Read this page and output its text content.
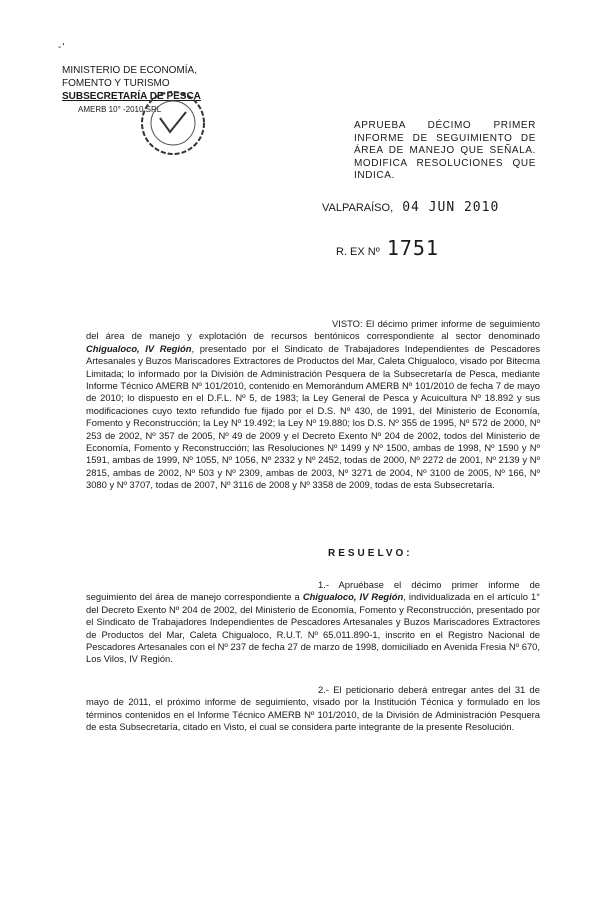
-'
MINISTERIO DE ECONOMÍA,
FOMENTO Y TURISMO
SUBSECRETARÍA DE PESCA
AMERB 10° -2010 SRL
APRUEBA DÉCIMO PRIMER INFORME DE SEGUIMIENTO DE ÁREA DE MANEJO QUE SEÑALA. MODIFICA RESOLUCIONES QUE INDICA.
VALPARAÍSO, 04 JUN 2010
R. EX Nº 1751
VISTO: El décimo primer informe de seguimiento del área de manejo y explotación de recursos bentónicos correspondiente al sector denominado Chigualoco, IV Región, presentado por el Sindicato de Trabajadores Independientes de Pescadores Artesanales y Buzos Mariscadores Extractores de Productos del Mar, Caleta Chigualoco, visado por Bitecma Limitada; lo informado por la División de Administración Pesquera de la Subsecretaría de Pesca, mediante Informe Técnico AMERB Nº 101/2010, contenido en Memorándum AMERB Nº 101/2010 de fecha 7 de mayo de 2010; lo dispuesto en el D.F.L. Nº 5, de 1983; la Ley General de Pesca y Acuicultura Nº 18.892 y sus modificaciones cuyo texto refundido fue fijado por el D.S. Nº 430, de 1991, del Ministerio de Economía, Fomento y Reconstrucción; la Ley Nº 19.492; la Ley Nº 19.880; los D.S. Nº 355 de 1995, Nº 572 de 2000, Nº 253 de 2002, Nº 357 de 2005, Nº 49 de 2009 y el Decreto Exento Nº 204 de 2002, todos del Ministerio de Economía, Fomento y Reconstrucción; las Resoluciones Nº 1499 y Nº 1500, ambas de 1998, Nº 1590 y Nº 1591, ambas de 1999, Nº 1055, Nº 1056, Nº 2332 y Nº 2452, todas de 2000, Nº 2272 de 2001, Nº 2139 y Nº 2815, ambas de 2002, Nº 503 y Nº 2309, ambas de 2003, Nº 3271 de 2004, Nº 3100 de 2005, Nº 166, Nº 3080 y Nº 3707, todas de 2007, Nº 3116 de 2008 y Nº 3358 de 2009, todas de esta Subsecretaría.
RESUELVO:
1.- Apruébase el décimo primer informe de seguimiento del área de manejo correspondiente a Chigualoco, IV Región, individualizada en el artículo 1° del Decreto Exento Nº 204 de 2002, del Ministerio de Economía, Fomento y Reconstrucción, presentado por el Sindicato de Trabajadores Independientes de Pescadores Artesanales y Buzos Mariscadores Extractores de Productos del Mar, Caleta Chigualoco, R.U.T. Nº 65.011.890-1, inscrito en el Registro Nacional de Pescadores Artesanales con el Nº 237 de fecha 27 de marzo de 1998, domiciliado en Avenida Fresia Nº 670, Los Vilos, IV Región.
2.- El peticionario deberá entregar antes del 31 de mayo de 2011, el próximo informe de seguimiento, visado por la Institución Técnica y formulado en los términos contenidos en el Informe Técnico AMERB Nº 101/2010, de la División de Administración Pesquera de esta Subsecretaría, citado en Visto, el cual se considera parte integrante de la presente Resolución.
